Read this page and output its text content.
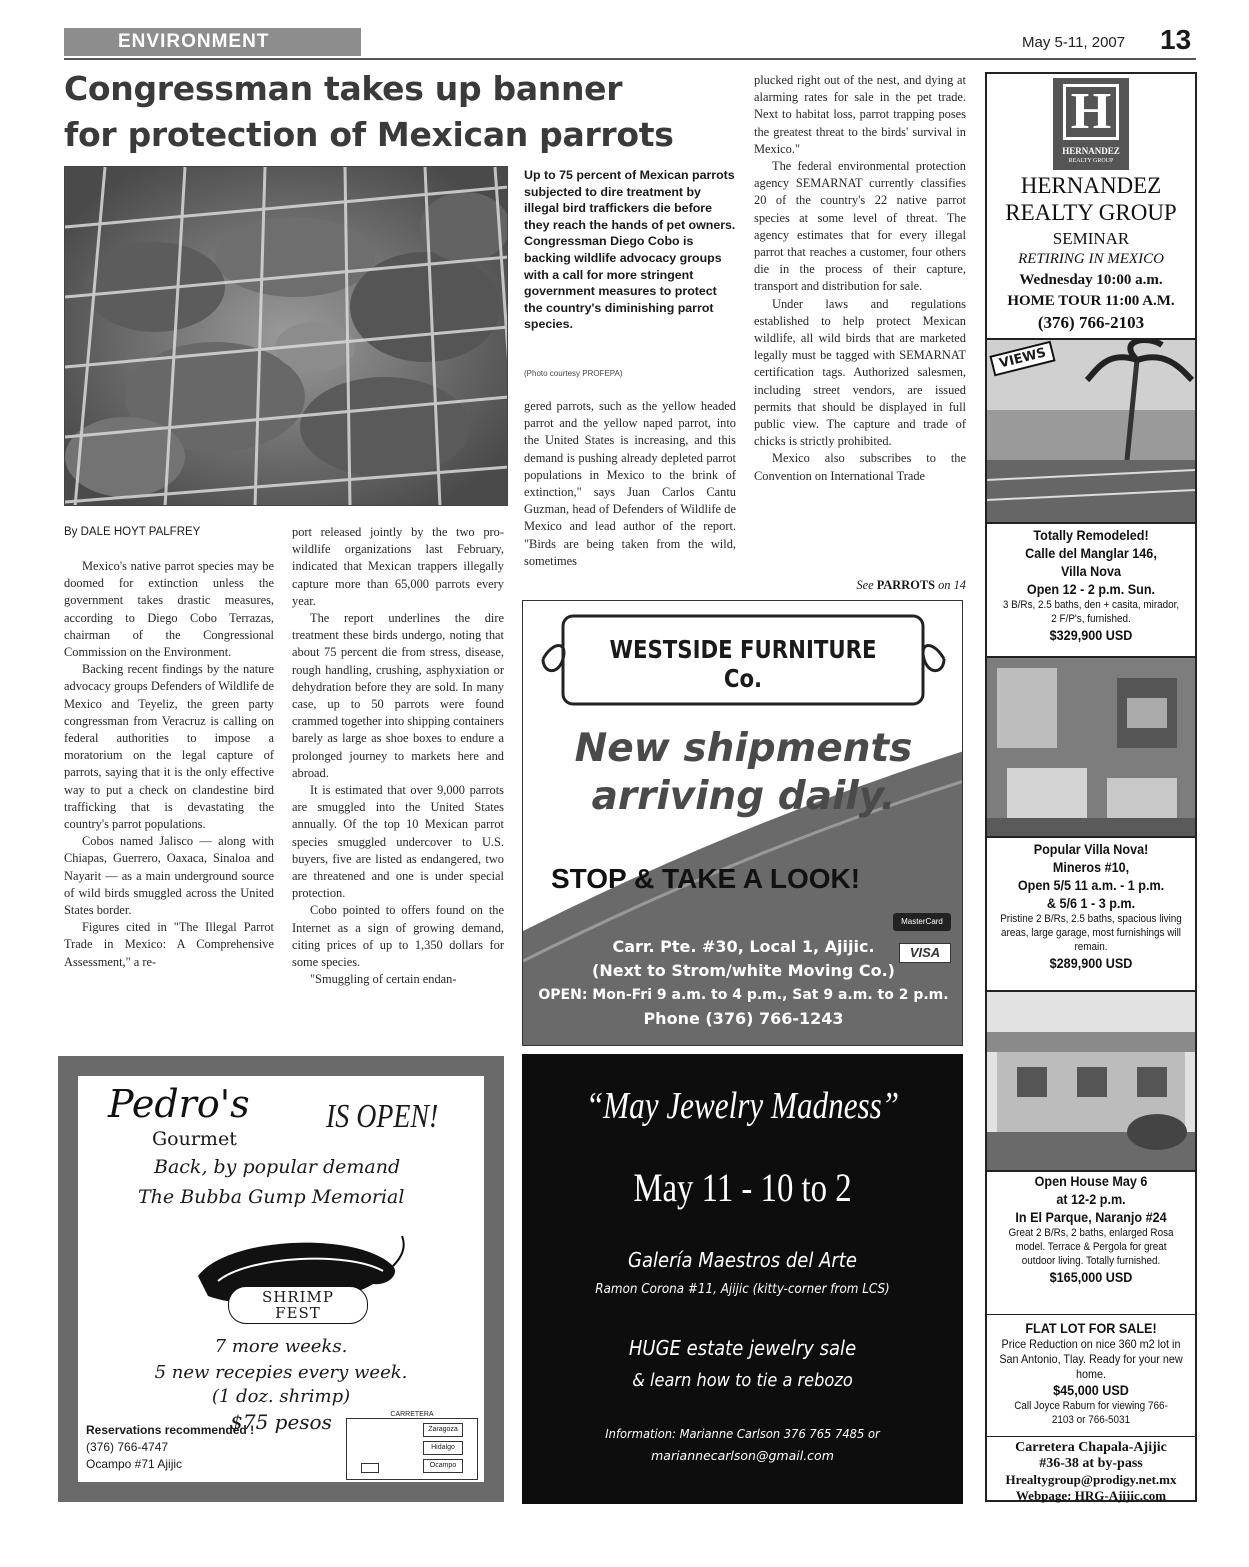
ENVIRONMENT	May 5-11, 2007 13
Congressman takes up banner
for protection of Mexican parrots
Up to 75 percent of Mexican parrots subjected to dire treatment by illegal bird traffickers die before they reach the hands of pet owners. Congressman Diego Cobo is backing wildlife advocacy groups with a call for more stringent government measures to protect the country's diminishing parrot species.
(Photo courtesy PROFEPA)
By DALE HOYT PALFREY

Mexico's native parrot species may be doomed for extinction unless the government takes drastic measures, according to Diego Cobo Terrazas, chairman of the Congressional Commission on the Environment.

Backing recent findings by the nature advocacy groups Defenders of Wildlife de Mexico and Teyeliz, the green party congressman from Veracruz is calling on federal authorities to impose a moratorium on the legal capture of parrots, saying that it is the only effective way to put a check on clandestine bird trafficking that is devastating the country's parrot populations.

Cobos named Jalisco — along with Chiapas, Guerrero, Oaxaca, Sinaloa and Nayarit — as a main underground source of wild birds smuggled across the United States border.

Figures cited in "The Illegal Parrot Trade in Mexico: A Comprehensive Assessment," a re-

port released jointly by the two pro-wildlife organizations last February, indicated that Mexican trappers illegally capture more than 65,000 parrots every year.

The report underlines the dire treatment these birds undergo, noting that about 75 percent die from stress, disease, rough handling, crushing, asphyxiation or dehydration before they are sold. In many case, up to 50 parrots were found crammed together into shipping containers barely as large as shoe boxes to endure a prolonged journey to markets here and abroad.

It is estimated that over 9,000 parrots are smuggled into the United States annually. Of the top 10 Mexican parrot species smuggled undercover to U.S. buyers, five are listed as endangered, two are threatened and one is under special protection.

Cobo pointed to offers found on the Internet as a sign of growing demand, citing prices of up to 1,350 dollars for some species.

"Smuggling of certain endan-

gered parrots, such as the yellow headed parrot and the yellow naped parrot, into the United States is increasing, and this demand is pushing already depleted parrot populations in Mexico to the brink of extinction," says Juan Carlos Cantu Guzman, head of Defenders of Wildlife de Mexico and lead author of the report. "Birds are being taken from the wild, sometimes

plucked right out of the nest, and dying at alarming rates for sale in the pet trade. Next to habitat loss, parrot trapping poses the greatest threat to the birds' survival in Mexico."

The federal environmental protection agency SEMARNAT currently classifies 20 of the country's 22 native parrot species at some level of threat. The agency estimates that for every illegal parrot that reaches a customer, four others die in the process of their capture, transport and distribution for sale.

Under laws and regulations established to help protect Mexican wildlife, all wild birds that are marketed legally must be tagged with SEMARNAT certification tags. Authorized salesmen, including street vendors, are issued permits that should be displayed in full public view. The capture and trade of chicks is strictly prohibited.

Mexico also subscribes to the Convention on International Trade

See PARROTS on 14
WESTSIDE FURNITURE Co.
New shipments
arriving daily.
STOP & TAKE A LOOK!
MasterCard
VISA
Carr. Pte. #30, Local 1, Ajijic.
(Next to Strom/white Moving Co.)
OPEN: Mon-Fri 9 a.m. to 4 p.m., Sat 9 a.m. to 2 p.m.
Phone (376) 766-1243
“May Jewelry Madness”
May 11 - 10 to 2
Galería Maestros del Arte
Ramon Corona #11, Ajijic (kitty-corner from LCS)
HUGE estate jewelry sale
& learn how to tie a rebozo
Information: Marianne Carlson 376 765 7485 or
mariannecarlson@gmail.com
Pedro's
Gourmet
IS OPEN!
Back, by popular demand
The Bubba Gump Memorial
SHRIMP
FEST
7 more weeks.
5 new recepies every week.
(1 doz. shrimp)
$75 pesos
Reservations recommended !
(376) 766-4747
Ocampo #71 Ajijic
CARRETERA
Zaragoza
Hidalgo
Ocampo
H
HERNANDEZ
REALTY GROUP
HERNANDEZ
REALTY GROUP
SEMINAR
RETIRING IN MEXICO
Wednesday 10:00 a.m.
HOME TOUR 11:00 A.M.
(376) 766-2103
VIEWS
Totally Remodeled!
Calle del Manglar 146,
Villa Nova
Open 12 - 2 p.m. Sun.
3 B/Rs, 2.5 baths, den + casita, mirador, 2 F/P's, furnished.
$329,900 USD
Popular Villa Nova!
Mineros #10,
Open 5/5 11 a.m. - 1 p.m.
& 5/6 1 - 3 p.m.
Pristine 2 B/Rs, 2.5 baths, spacious living areas, large garage, most furnishings will remain.
$289,900 USD
Open House May 6
at 12-2 p.m.
In El Parque, Naranjo #24
Great 2 B/Rs, 2 baths, enlarged Rosa model. Terrace & Pergola for great outdoor living. Totally furnished.
$165,000 USD
FLAT LOT FOR SALE!
Price Reduction on nice 360 m2 lot in San Antonio, Tlay. Ready for your new home.
$45,000 USD
Call Joyce Raburn for viewing 766-2103 or 766-5031
Carretera Chapala-Ajijic
#36-38 at by-pass
Hrealtygroup@prodigy.net.mx
Webpage: HRG-Ajijic.com
